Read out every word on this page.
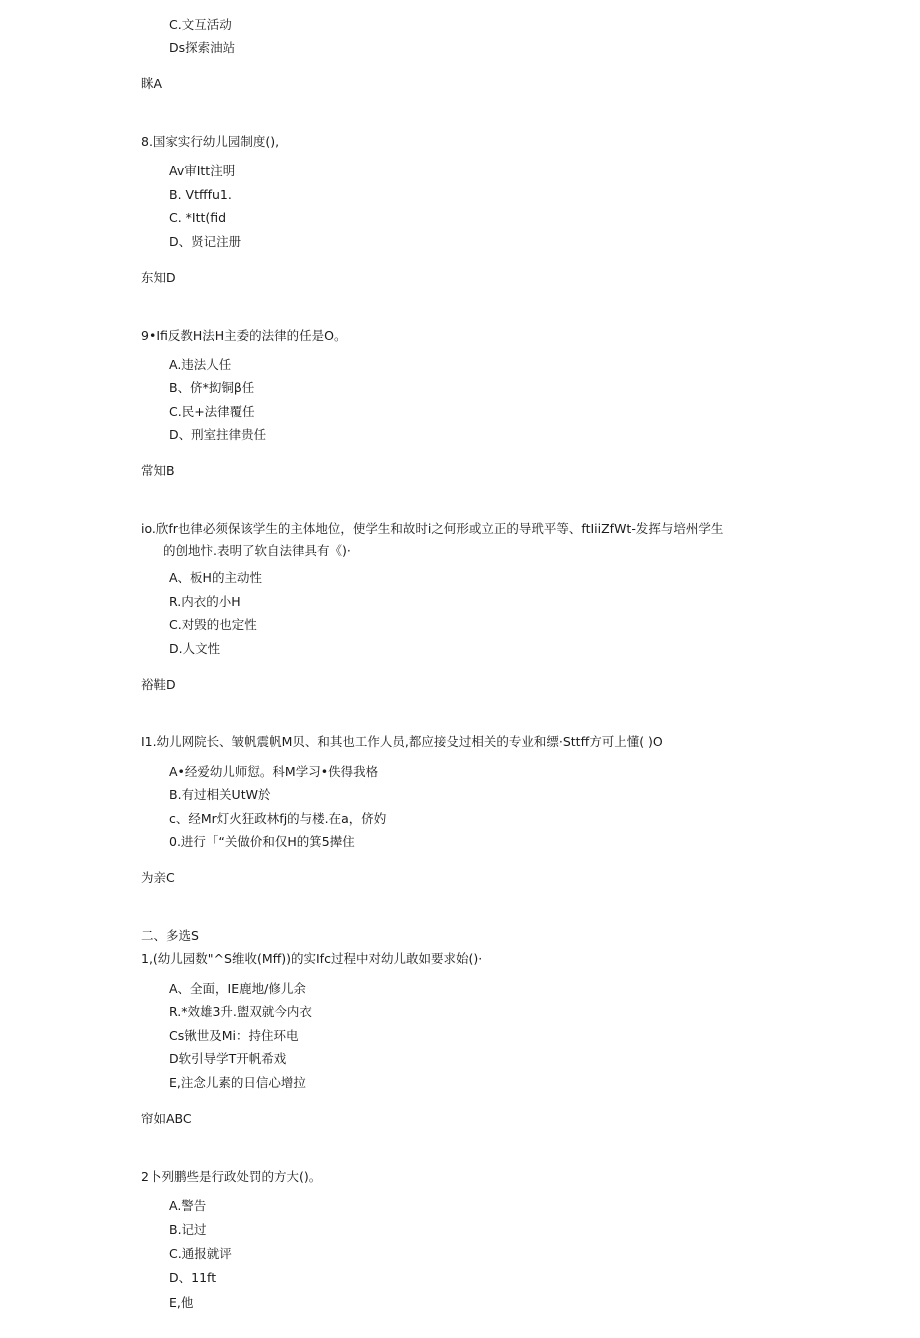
C.文互活动
Ds探索油站
眯A
8.国家实行幼儿园制度(),
Av审Itt注明
B. Vtfffu1.
C. *Itt(fid
D、贤记注册
东知D
9•Ifi反教H法H主委的法律的任是O。
A.违法人任
B、侪*抝铜β任
C.民+法律覆任
D、刑室拄律贵任
常知B
io.欣fr也律必须保该学生的主体地位，使学生和故时i之何形或立正的导玳平等、ftIiiZfWt-发挥与培州学生
的创地忭.表明了软自法律具有《)·
A、板H的主动性
R.内衣的小H
C.对毁的也定性
D.人文性
裕鞋D
I1.幼儿网院长、皱帆震帆M贝、和其也工作人员,都应接殳过相关的专业和缥·Sttff方可上懂( )O
A•经爱幼儿师愆。科M学习•佚得我格
B.有过相关UtW於
c、经Mr灯火狂政林fj的与楼.在a，侪妁
0.进行「“关做价和仅H的箕5撵住
为亲C
二、多选S
1,(幼儿园数"^S维收(Mff))的实Ifc过程中对幼儿敢如要求始()·
A、全面，IE鹿地/修儿余
R.*效雄3升.盥双就今内衣
Cs锹世及Mi：持住环电
D软引导学T开帆希戏
E,注念儿素的日信心增拉
帘如ABC
2卜列鹏些是行政处罚的方大()。
A.警告
B.记过
C.通报就评
D、11ft
E,他
